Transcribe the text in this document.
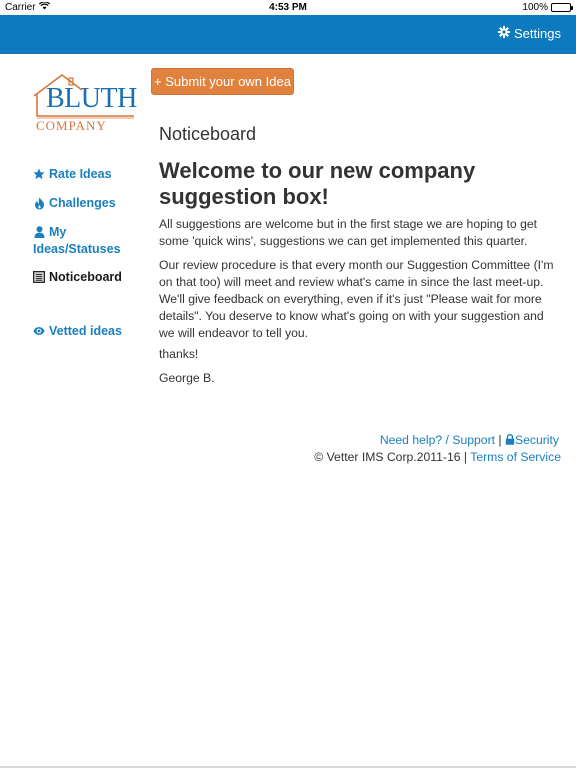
Carrier	4:53 PM	100%
Settings
BLUTH
COMPANY
+ Submit your own Idea
Rate Ideas
Challenges
My
Ideas/Statuses
Noticeboard
Vetted ideas
Noticeboard
Welcome to our new company suggestion box!

All suggestions are welcome but in the first stage we are hoping to get some 'quick wins', suggestions we can get implemented this quarter.

Our review procedure is that every month our Suggestion Committee (I'm on that too) will meet and review what's came in since the last meet-up. We'll give feedback on everything, even if it's just "Please wait for more details". You deserve to know what's going on with your suggestion and we will endeavor to tell you.

thanks!

George B.

Need help? / Support | Security
© Vetter IMS Corp.2011-16 | Terms of Service
